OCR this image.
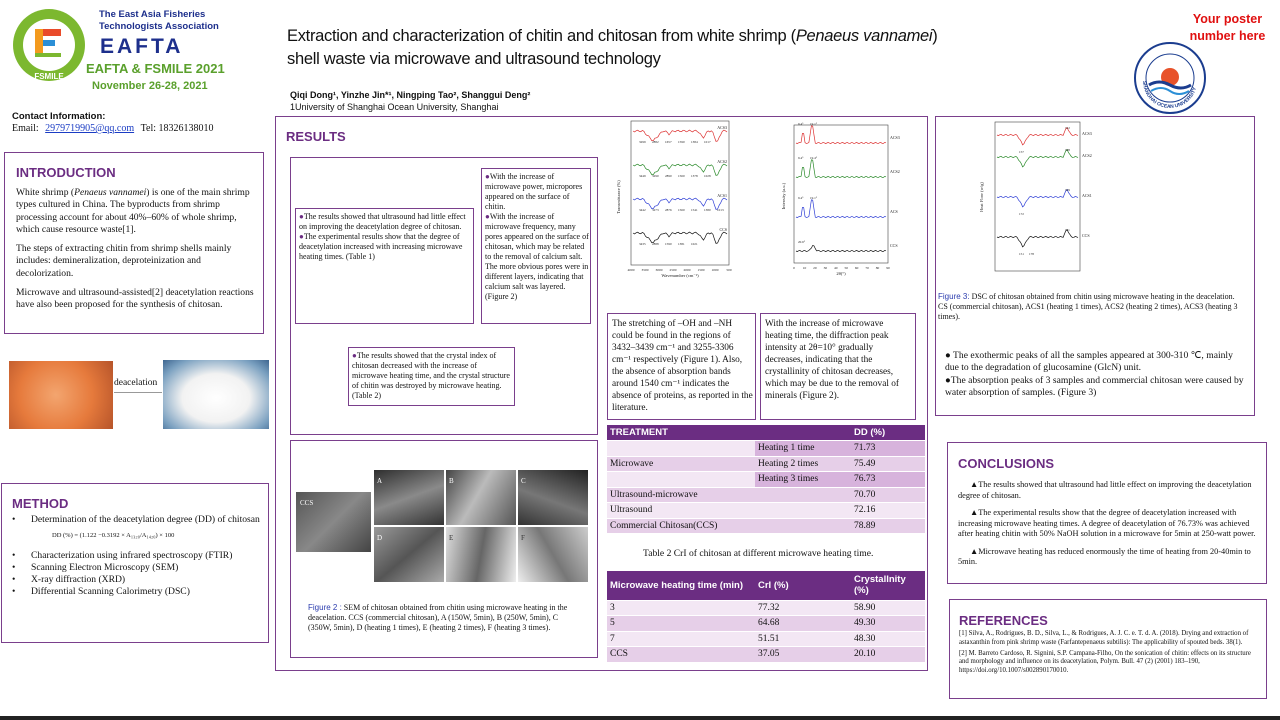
FSMILE
The East Asia Fisheries
Technologists Association
EAFTA
EAFTA & FSMILE 2021
November 26-28, 2021
Contact Information:
Email: 2979719905@qq.com Tel: 18326138010
Extraction and characterization of chitin and chitosan from white shrimp (Penaeus vannamei)
shell waste via microwave and ultrasound technology
Qiqi Dong¹, Yinzhe Jin*¹, Ningping Tao², Shanggui Deng²
1University of Shanghai Ocean University, Shanghai
Your poster
number here
SHANGHAI OCEAN UNIVERSITY
INTRODUCTION

White shrimp (Penaeus vannamei) is one of the main shrimp types cultured in China. The byproducts from shrimp processing account for about 40%–60% of whole shrimp, which cause resource waste[1].

The steps of extracting chitin from shrimp shells mainly includes: demineralization, deproteinization and decolorization.

Microwave and ultrasound-assisted[2] deacetylation reactions have also been proposed for the synthesis of chitosan.

deacelation
METHOD
• Determination of the deacetylation degree (DD) of chitosan
DD (%) = (1.122 −0.3192 × A₁₃₂₀/A₁₄₂₀) × 100
• Characterization using infrared spectroscopy (FTIR)
• Scanning Electron Microscopy (SEM)
• X-ray diffraction (XRD)
• Differential Scanning Calorimetry (DSC)
RESULTS

● The results showed that ultrasound had little effect on improving the deacetylation degree of chitosan.

● The experimental results show that the degree of deacetylation increased with increasing microwave heating times. (Table 1)

● With the increase of microwave power, micropores appeared on the surface of chitin.

● With the increase of microwave frequency, many pores appeared on the surface of chitosan, which may be related to the removal of calcium salt. The more obvious pores were in different layers, indicating that calcium salt was layered. (Figure 2)

● The results showed that the crystal index of chitosan decreased with the increase of microwave heating time, and the crystal structure of chitin was destroyed by microwave heating. (Table 2)

CCS
A	B	C
D	E	F
Figure 2 : SEM of chitosan obtained from chitin using microwave heating in the deacelation. CCS (commercial chitosan), A (150W, 5min), B (250W, 5min), C (350W, 5min), D (heating 1 times), E (heating 2 times), F (heating 3 times).
Transmittance (%)
Wavenumber (cm⁻¹)
4000 3500 3000 2500 2000 1500 1000 500
ACS3
3299 2882 1657 1590 1384 1017
ACS2
3449 3290 2890 1560 1378 1028
ACS1
3442 3273 2876 1560 1541 1380 1013
CCS
3435 2888 1590 1381 1021
Intensity (a.u.)
2θ(°)
0 10 20 30 40 50 60 70 80 90
ACS3
9.4° 19.1°
ACS2
9.4° 19.4°
ACS
9.4° 19.1°
CCS
20.6°
The stretching of –OH and –NH could be found in the regions of 3432–3439 cm⁻¹ and 3255-3306 cm⁻¹ respectively (Figure 1). Also, the absence of absorption bands around 1540 cm⁻¹ indicates the absence of proteins, as reported in the literature.
With the increase of microwave heating time, the diffraction peak intensity at 2θ=10° gradually decreases, indicating that the crystallinity of chitosan decreases, which may be due to the removal of minerals (Figure 2).
TREATMENT		DD (%)
	Heating 1 time	71.73
Microwave	Heating 2 times	75.49
	Heating 3 times	76.73
Ultrasound-microwave		70.70
Ultrasound		72.16
Commercial Chitosan(CCS)		78.89
Table 2 CrI of chitosan at different microwave heating time.
Microwave heating time (min)	CrI (%)	Crystallnity (%)
3	77.32	58.90
5	64.68	49.30
7	51.51	48.30
CCS	37.05	20.10
Heat Flow (w/g)
ACS3
312
157
ACS2
308
ACS1
309
172
CCS
311
151 178
Figure 3: DSC of chitosan obtained from chitin using microwave heating in the deacelation. CS (commercial chitosan), ACS1 (heating 1 times), ACS2 (heating 2 times), ACS3 (heating 3 times).

● The exothermic peaks of all the samples appeared at 300-310 ℃, mainly due to the degradation of glucosamine (GlcN) unit.

●The absorption peaks of 3 samples and commercial chitosan were caused by water absorption of samples. (Figure 3)

CONCLUSIONS

▲ The results showed that ultrasound had little effect on improving the deacetylation degree of chitosan.

▲ The experimental results show that the degree of deacetylation increased with increasing microwave heating times. A degree of deacetylation of 76.73% was achieved after heating chitin with 50% NaOH solution in a microwave for 5min at 250-watt power.

▲ Microwave heating has reduced enormously the time of heating from 20-40min to 5min.

REFERENCES

[1] Silva, A., Rodrigues, B. D., Silva, L., & Rodrigues, A. J. C. e. T. d. A. (2018). Drying and extraction of astaxanthin from pink shrimp waste (Farfantepenaeus subtilis): The applicability of spouted beds. 38(1).

[2] M. Barreto Cardoso, R. Signini, S.P. Campana-Filho, On the sonication of chitin: effects on its structure and morphology and influence on its deacetylation, Polym. Bull. 47 (2) (2001) 183–190, https://doi.org/10.1007/s002890170010.
